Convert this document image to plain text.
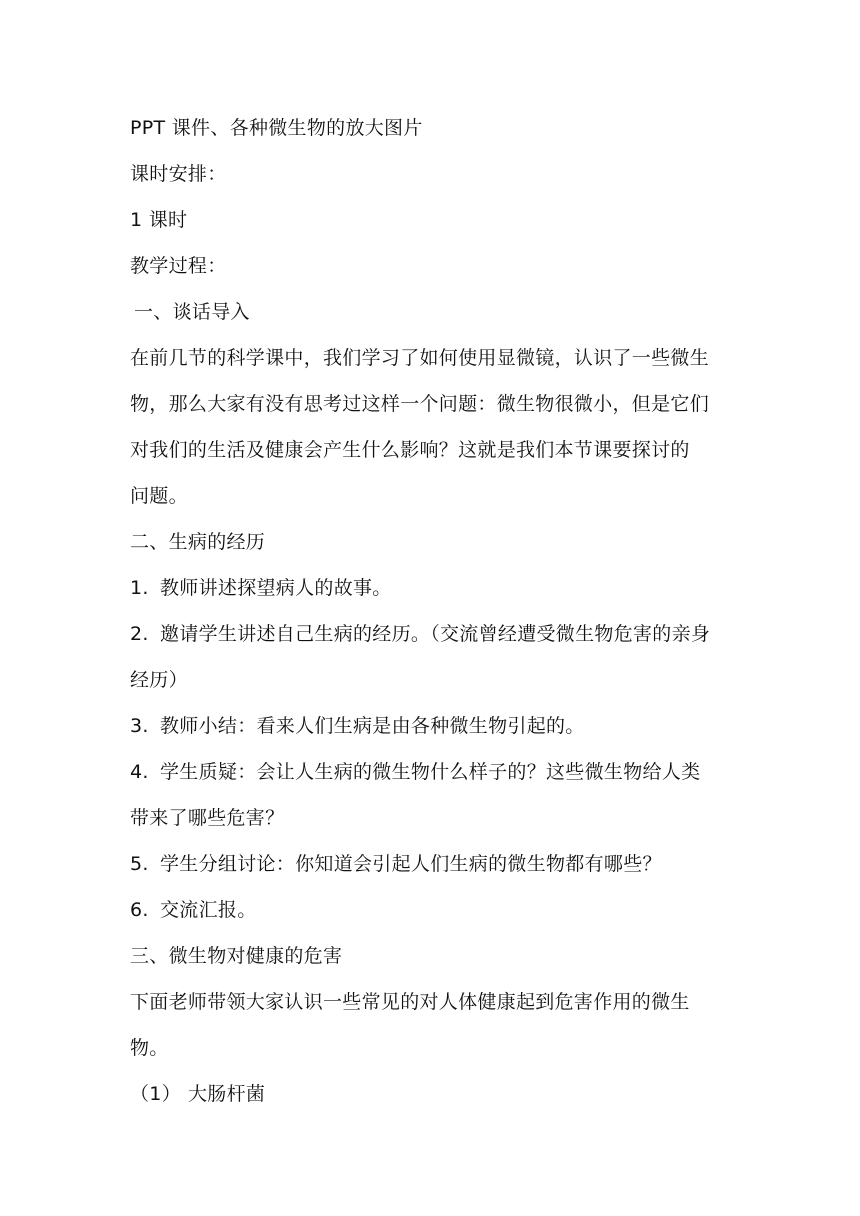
PPT 课件、各种微生物的放大图片
课时安排：
1 课时
教学过程：
一、谈话导入
在前几节的科学课中，我们学习了如何使用显微镜，认识了一些微生
物，那么大家有没有思考过这样一个问题：微生物很微小，但是它们
对我们的生活及健康会产生什么影响？这就是我们本节课要探讨的
问题。
二、生病的经历
1. 教师讲述探望病人的故事。
2. 邀请学生讲述自己生病的经历。（交流曾经遭受微生物危害的亲身
经历）
3. 教师小结：看来人们生病是由各种微生物引起的。
4. 学生质疑：会让人生病的微生物什么样子的？这些微生物给人类
带来了哪些危害？
5. 学生分组讨论：你知道会引起人们生病的微生物都有哪些？
6. 交流汇报。
三、微生物对健康的危害
下面老师带领大家认识一些常见的对人体健康起到危害作用的微生
物。
（1） 大肠杆菌
